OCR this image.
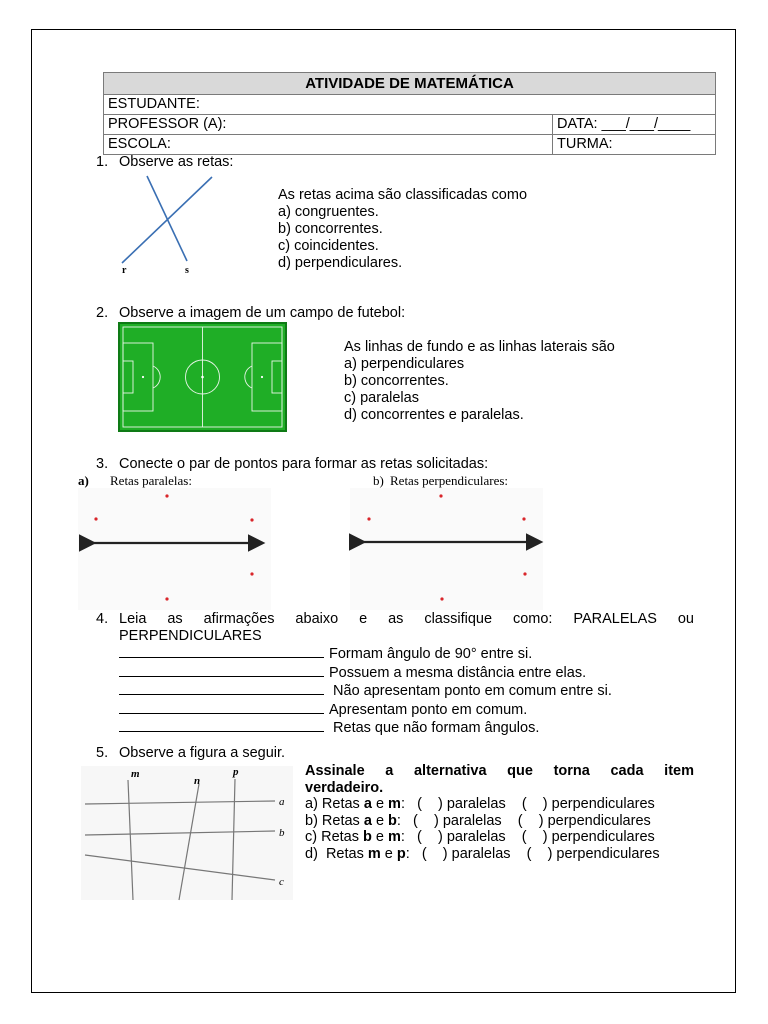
ATIVIDADE DE MATEMÁTICA	
ESTUDANTE:	
PROFESSOR (A):	DATA: ___/___/____
ESCOLA:	TURMA:
1. Observe as retas:
r	s
As retas acima são classificadas como
a) congruentes.
b) concorrentes.
c) coincidentes.
d) perpendiculares.
2. Observe a imagem de um campo de futebol:
As linhas de fundo e as linhas laterais são
a) perpendiculares
b) concorrentes.
c) paralelas
d) concorrentes e paralelas.
3. Conecte o par de pontos para formar as retas solicitadas:
a) Retas paralelas:	b) Retas perpendiculares:
4. Leia as afirmações abaixo e as classifique como: PARALELAS ou
PERPENDICULARES
Formam ângulo de 90° entre si.
Possuem a mesma distância entre elas.
Não apresentam ponto em comum entre si.
Apresentam ponto em comum.
Retas que não formam ângulos.
5. Observe a figura a seguir.
m
n
p
a
b
c
Assinale a alternativa que torna cada item
verdadeiro.
a) Retas a e m:   (    ) paralelas    (    ) perpendiculares
b) Retas a e b:   (    ) paralelas    (    ) perpendiculares
c) Retas b e m:   (    ) paralelas    (    ) perpendiculares
d)  Retas m e p:   (    ) paralelas    (    ) perpendiculares
